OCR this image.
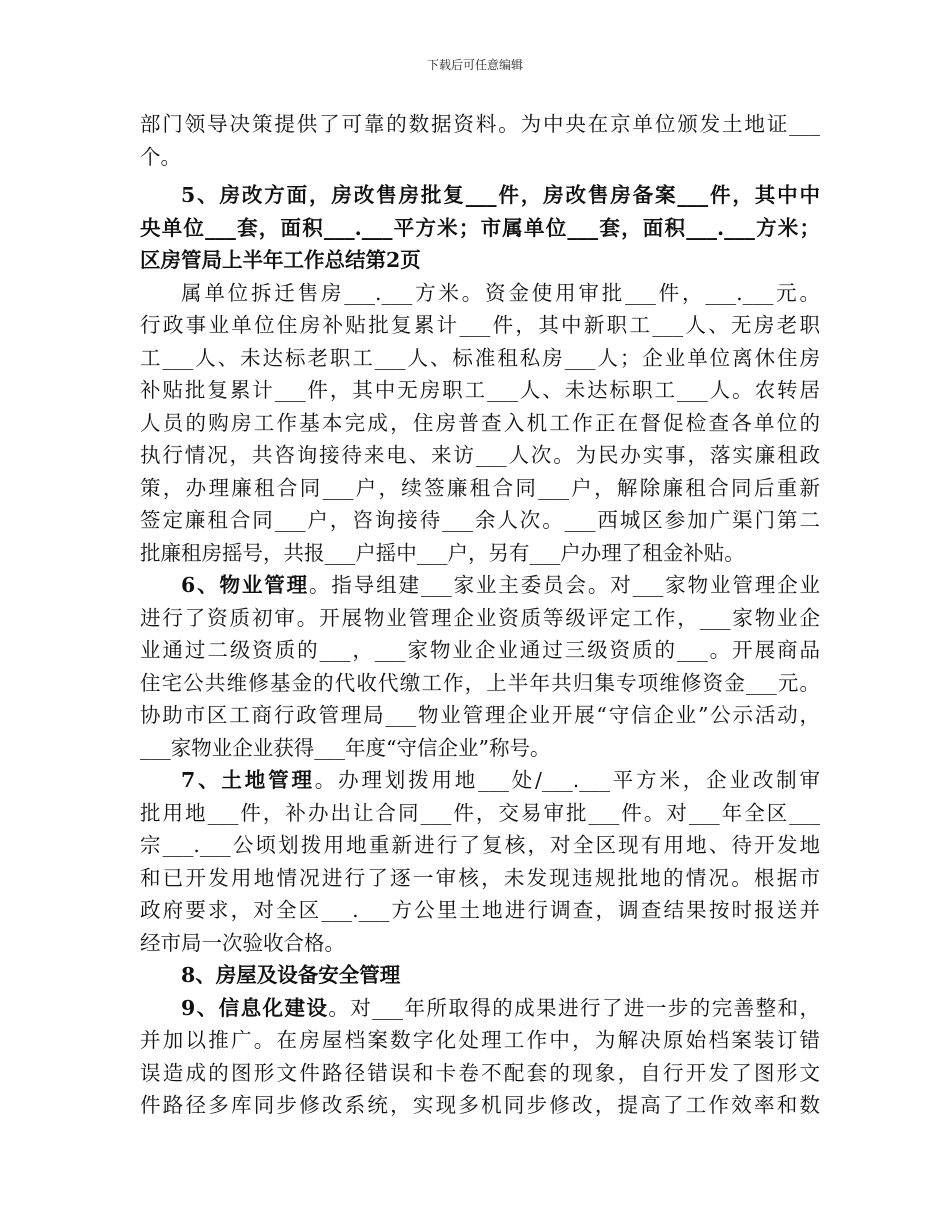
下载后可任意编辑
部门领导决策提供了可靠的数据资料。为中央在京单位颁发土地证___
个。
5、房改方面，房改售房批复___件，房改售房备案___件，其中中
央单位___套，面积___.___平方米；市属单位___套，面积___.___方米；
区房管局上半年工作总结第2页
属单位拆迁售房___.___方米。资金使用审批___件，___.___元。
行政事业单位住房补贴批复累计___件，其中新职工___人、无房老职
工___人、未达标老职工___人、标准租私房___人；企业单位离休住房
补贴批复累计___件，其中无房职工___人、未达标职工___人。农转居
人员的购房工作基本完成，住房普查入机工作正在督促检查各单位的
执行情况，共咨询接待来电、来访___人次。为民办实事，落实廉租政
策，办理廉租合同___户，续签廉租合同___户，解除廉租合同后重新
签定廉租合同___户，咨询接待___余人次。___西城区参加广渠门第二
批廉租房摇号，共报___户摇中___户，另有___户办理了租金补贴。
6、物业管理。指导组建___家业主委员会。对___家物业管理企业
进行了资质初审。开展物业管理企业资质等级评定工作，___家物业企
业通过二级资质的___，___家物业企业通过三级资质的___。开展商品
住宅公共维修基金的代收代缴工作，上半年共归集专项维修资金___元。
协助市区工商行政管理局___物业管理企业开展“守信企业”公示活动，
___家物业企业获得___年度“守信企业”称号。
7、土地管理。办理划拨用地___处/___.___平方米，企业改制审
批用地___件，补办出让合同___件，交易审批___件。对___年全区___
宗___.___公顷划拨用地重新进行了复核，对全区现有用地、待开发地
和已开发用地情况进行了逐一审核，未发现违规批地的情况。根据市
政府要求，对全区___.___方公里土地进行调查，调查结果按时报送并
经市局一次验收合格。
8、房屋及设备安全管理
9、信息化建设。对___年所取得的成果进行了进一步的完善整和，
并加以推广。在房屋档案数字化处理工作中，为解决原始档案装订错
误造成的图形文件路径错误和卡卷不配套的现象，自行开发了图形文
件路径多库同步修改系统，实现多机同步修改，提高了工作效率和数
